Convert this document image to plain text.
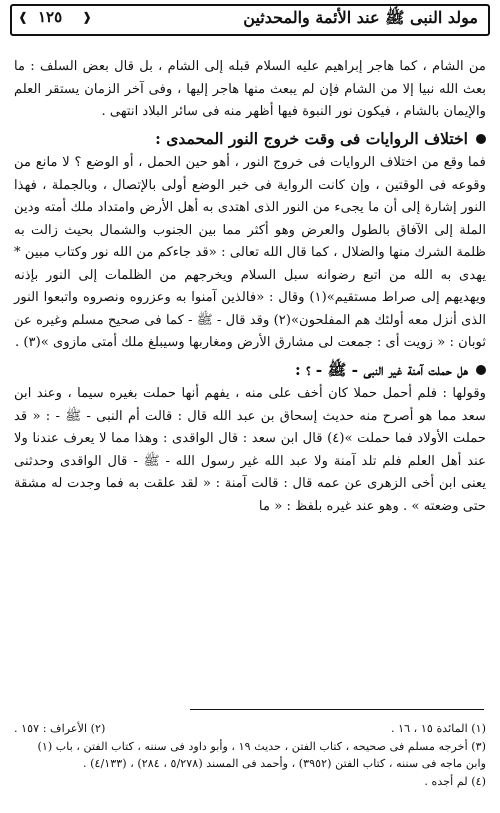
مولد النبى ﷺ عند الأئمة والمحدثين
❰
١٢٥
❱

من الشام ، كما هاجر إبراهيم عليه السلام قبله إلى الشام ، بل قال بعض السلف : ما بعث الله نبيا إلا من الشام فإن لم يبعث منها هاجر إليها ، وفى آخر الزمان يستقر العلم والإيمان بالشام ، فيكون نور النبوة فيها أظهر منه فى سائر البلاد انتهى .

اختلاف الروايات فى وقت خروج النور المحمدى :

فما وقع من اختلاف الروايات فى خروج النور ، أهو حين الحمل ، أو الوضع ؟ لا مانع من وقوعه فى الوقتين ، وإن كانت الرواية فى خبر الوضع أولى بالإتصال ، وبالجملة ، فهذا النور إشارة إلى أن ما يجىء من النور الذى اهتدى به أهل الأرض وامتداد ملك أمته ودين الملة إلى الآفاق بالطول والعرض وهو أكثر مما بين الجنوب والشمال بحيث زالت به ظلمة الشرك منها والضلال ، كما قال الله تعالى : «قد جاءكم من الله نور وكتاب مبين * يهدى به الله من اتبع رضوانه سبل السلام ويخرجهم من الظلمات إلى النور بإذنه ويهديهم إلى صراط مستقيم»(١) وقال : «فالذين آمنوا به وعزروه ونصروه واتبعوا النور الذى أنزل معه أولئك هم المفلحون»(٢) وقد قال - ﷺ - كما فى صحيح مسلم وغيره عن ثوبان : « زويت أى : جمعت لى مشارق الأرض ومغاربها وسيبلغ ملك أمتى مازوى »(٣) .

هل حملت آمنة غير النبى - ﷺ - ؟ :

وقولها : فلم أحمل حملا كان أخف على منه ، يفهم أنها حملت بغيره سيما ، وعند ابن سعد مما هو أصرح منه حديث إسحاق بن عبد الله قال : قالت أم النبى - ﷺ - : « قد حملت الأولاد فما حملت »(٤) قال ابن سعد : قال الواقدى : وهذا مما لا يعرف عندنا ولا عند أهل العلم فلم تلد آمنة ولا عبد الله غير رسول الله - ﷺ - قال الواقدى وحدثنى يعنى ابن أخى الزهرى عن عمه قال : قالت آمنة : « لقد علقت به فما وجدت له مشقة حتى وضعته » . وهو عند غيره بلفظ : « ما

(١) المائدة ١٥ ، ١٦ .
(٢) الأعراف : ١٥٧ .

(٣) أخرجه مسلم فى صحيحه ، كتاب الفتن ، حديث ١٩ ، وأبو داود فى سننه ، كتاب الفتن ، باب (١) وابن ماجه فى سننه ، كتاب الفتن (٣٩٥٢) ، وأحمد فى المسند (٥/٢٧٨ ، ٢٨٤) ، (٤/١٣٣) .

(٤) لم أجده .
